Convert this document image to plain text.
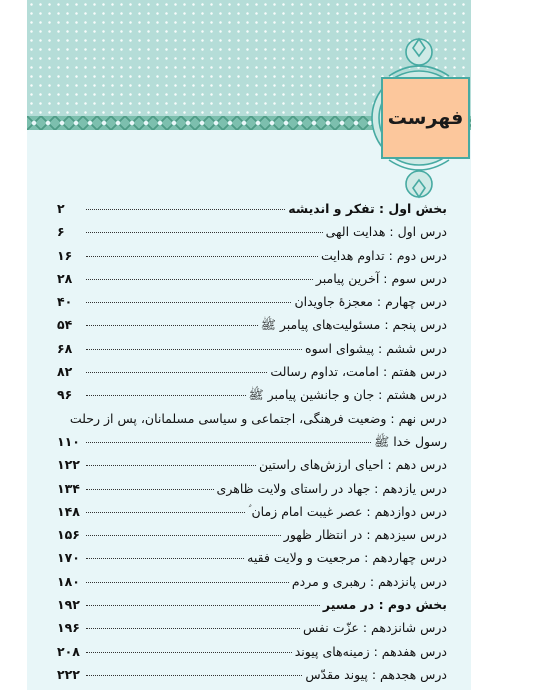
فهرست
بخش اول : تفکر و اندیشه
۲
درس اول : هدایت الهی
۶
درس دوم : تداوم هدایت
۱۶
درس سوم : آخرین پیامبر
۲۸
درس چهارم : معجزهٔ جاویدان
۴۰
درس پنجم : مسئولیت‌های پیامبر ﷺ
۵۴
درس ششم : پیشوای اسوه
۶۸
درس هفتم : امامت، تداوم رسالت
۸۲
درس هشتم : جان و جانشین پیامبر ﷺ
۹۶
درس نهم : وضعیت فرهنگی، اجتماعی و سیاسی مسلمانان، پس از رحلت
رسول خدا ﷺ
۱۱۰
درس دهم : احیای ارزش‌های راستین
۱۲۲
درس یازدهم : جهاد در راستای ولایت ظاهری
۱۳۴
درس دوازدهم : عصر غیبت امام زمان ؑ
۱۴۸
درس سیزدهم : در انتظار ظهور
۱۵۶
درس چهاردهم : مرجعیت و ولایت فقیه
۱۷۰
درس پانزدهم : رهبری و مردم
۱۸۰
بخش دوم : در مسیر
۱۹۲
درس شانزدهم : عزّت نفس
۱۹۶
درس هفدهم : زمینه‌های پیوند
۲۰۸
درس هجدهم : پیوند مقدّس
۲۲۲
